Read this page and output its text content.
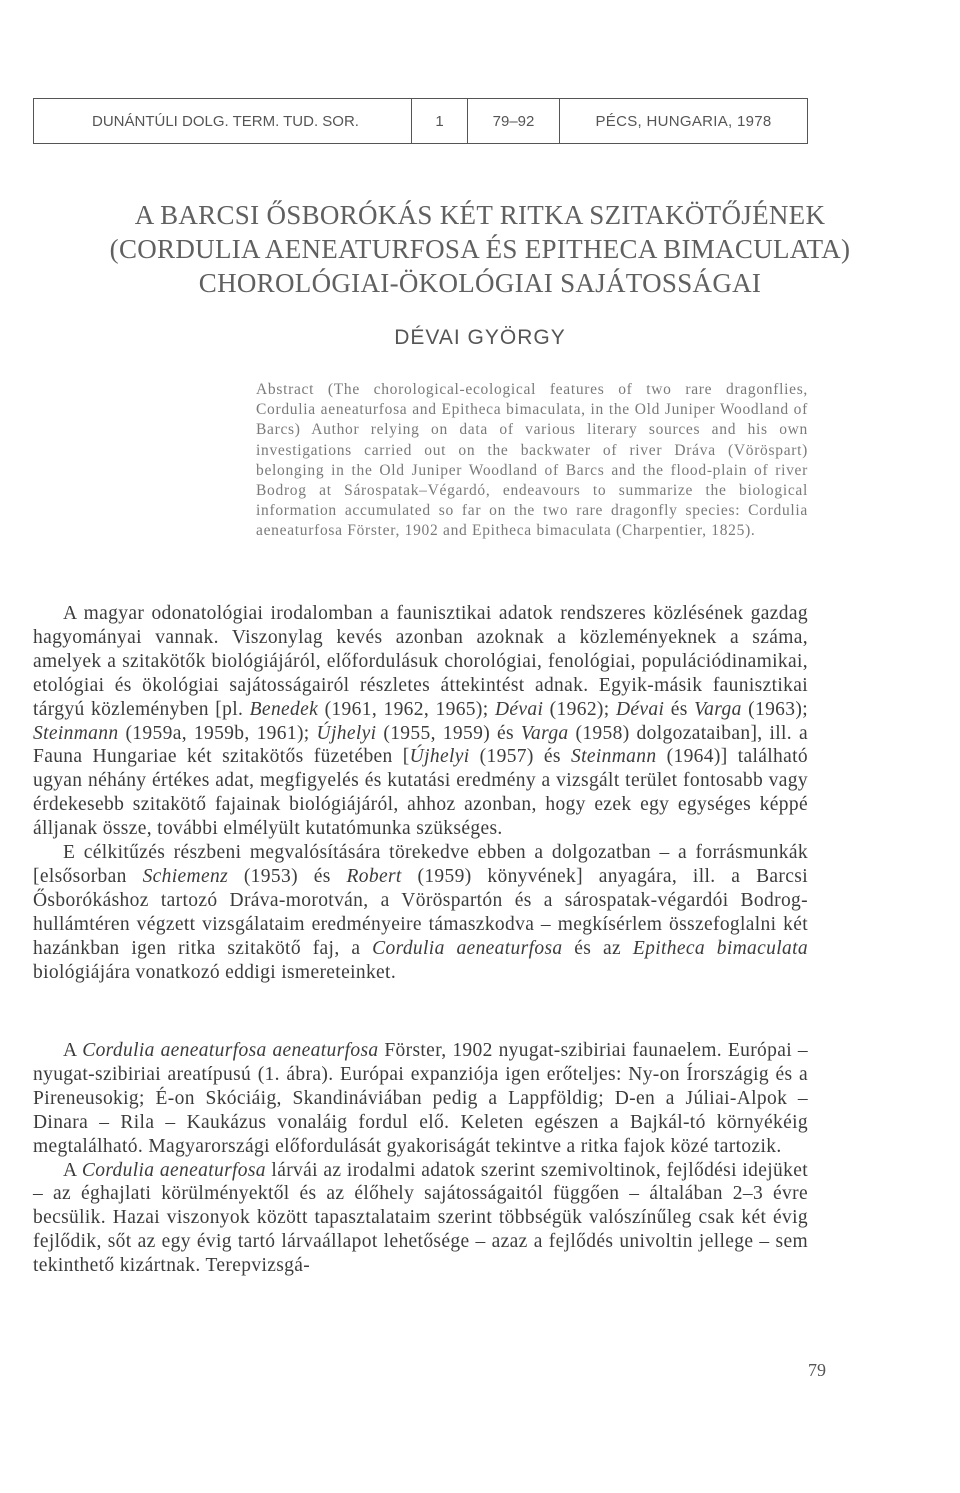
DUNÁNTÚLI DOLG. TERM. TUD. SOR.	1	79–92	PÉCS, HUNGARIA, 1978
A BARCSI ŐSBORÓKÁS KÉT RITKA SZITAKÖTŐJÉNEK
(CORDULIA AENEATURFOSA ÉS EPITHECA BIMACULATA)
CHOROLÓGIAI-ÖKOLÓGIAI SAJÁTOSSÁGAI
DÉVAI GYÖRGY
Abstract (The chorological-ecological features of two rare dragonflies, Cordulia aeneaturfosa and Epitheca bimaculata, in the Old Juniper Woodland of Barcs) Author relying on data of various literary sources and his own investigations carried out on the backwater of river Dráva (Vöröspart) belonging in the Old Juniper Woodland of Barcs and the flood-plain of river Bodrog at Sárospatak–Végardó, endeavours to summarize the biological information accumulated so far on the two rare dragonfly species: Cordulia aeneaturfosa Förster, 1902 and Epitheca bimaculata (Charpentier, 1825).

A magyar odonatológiai irodalomban a faunisztikai adatok rendszeres közlésének gazdag hagyományai vannak. Viszonylag kevés azonban azoknak a közleményeknek a száma, amelyek a szitakötők biológiájáról, előfordulásuk chorológiai, fenológiai, populációdinamikai, etológiai és ökológiai sajátosságairól részletes áttekintést adnak. Egyik-másik faunisztikai tárgyú közleményben [pl. Benedek (1961, 1962, 1965); Dévai (1962); Dévai és Varga (1963); Steinmann (1959a, 1959b, 1961); Újhelyi (1955, 1959) és Varga (1958) dolgozataiban], ill. a Fauna Hungariae két szitakötős füzetében [Újhelyi (1957) és Steinmann (1964)] található ugyan néhány értékes adat, megfigyelés és kutatási eredmény a vizsgált terület fontosabb vagy érdekesebb szitakötő fajainak biológiájáról, ahhoz azonban, hogy ezek egy egységes képpé álljanak össze, további elmélyült kutatómunka szükséges.

E célkitűzés részbeni megvalósítására törekedve ebben a dolgozatban – a forrásmunkák [elsősorban Schiemenz (1953) és Robert (1959) könyvének] anyagára, ill. a Barcsi Ősborókáshoz tartozó Dráva-morotván, a Vöröspartón és a sárospatak-végardói Bodrog-hullámtéren végzett vizsgálataim eredményeire támaszkodva – megkísérlem összefoglalni két hazánkban igen ritka szitakötő faj, a Cordulia aeneaturfosa és az Epitheca bimaculata biológiájára vonatkozó eddigi ismereteinket.

A Cordulia aeneaturfosa aeneaturfosa Förster, 1902 nyugat-szibiriai faunaelem. Európai – nyugat-szibiriai areatípusú (1. ábra). Európai expanziója igen erőteljes: Ny-on Írországig és a Pireneusokig; É-on Skóciáig, Skandináviában pedig a Lappföldig; D-en a Júliai-Alpok – Dinara – Rila – Kaukázus vonaláig fordul elő. Keleten egészen a Bajkál-tó környékéig megtalálható. Magyarországi előfordulását gyakoriságát tekintve a ritka fajok közé tartozik.

A Cordulia aeneaturfosa lárvái az irodalmi adatok szerint szemivoltinok, fejlődési idejüket – az éghajlati körülményektől és az élőhely sajátosságaitól függően – általában 2–3 évre becsülik. Hazai viszonyok között tapasztalataim szerint többségük valószínűleg csak két évig fejlődik, sőt az egy évig tartó lárvaállapot lehetősége – azaz a fejlődés univoltin jellege – sem tekinthető kizártnak. Terepvizsgá-

79
